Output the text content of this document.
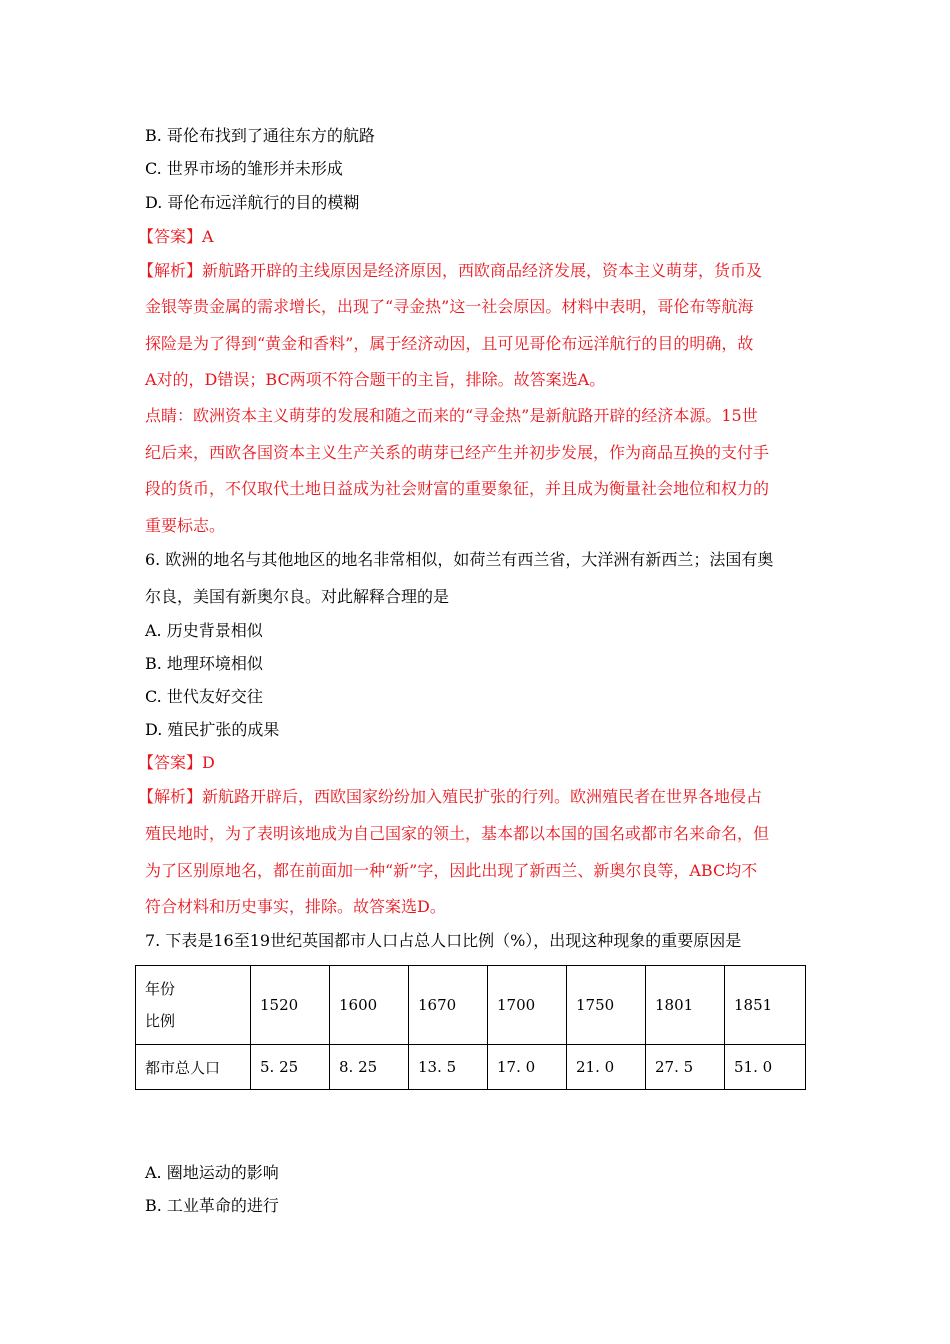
B. 哥伦布找到了通往东方的航路
C. 世界市场的雏形并未形成
D. 哥伦布远洋航行的目的模糊
【答案】A
【解析】新航路开辟的主线原因是经济原因，西欧商品经济发展，资本主义萌芽，货币及
金银等贵金属的需求增长，出现了“寻金热”这一社会原因。材料中表明，哥伦布等航海
探险是为了得到“黄金和香料”，属于经济动因，且可见哥伦布远洋航行的目的明确，故
A对的，D错误；BC两项不符合题干的主旨，排除。故答案选A。
点睛：欧洲资本主义萌芽的发展和随之而来的“寻金热”是新航路开辟的经济本源。15世
纪后来，西欧各国资本主义生产关系的萌芽已经产生并初步发展，作为商品互换的支付手
段的货币，不仅取代土地日益成为社会财富的重要象征，并且成为衡量社会地位和权力的
重要标志。
6. 欧洲的地名与其他地区的地名非常相似，如荷兰有西兰省，大洋洲有新西兰；法国有奥
尔良，美国有新奥尔良。对此解释合理的是
A. 历史背景相似
B. 地理环境相似
C. 世代友好交往
D. 殖民扩张的成果
【答案】D
【解析】新航路开辟后，西欧国家纷纷加入殖民扩张的行列。欧洲殖民者在世界各地侵占
殖民地时，为了表明该地成为自己国家的领土，基本都以本国的国名或都市名来命名，但
为了区别原地名，都在前面加一种“新”字，因此出现了新西兰、新奥尔良等，ABC均不
符合材料和历史事实，排除。故答案选D。
7. 下表是16至19世纪英国都市人口占总人口比例（%），出现这种现象的重要原因是
年份
比例	1520	1600	1670	1700	1750	1801	1851
都市总人口	5. 25	8. 25	13. 5	17. 0	21. 0	27. 5	51. 0
A. 圈地运动的影响
B. 工业革命的进行
